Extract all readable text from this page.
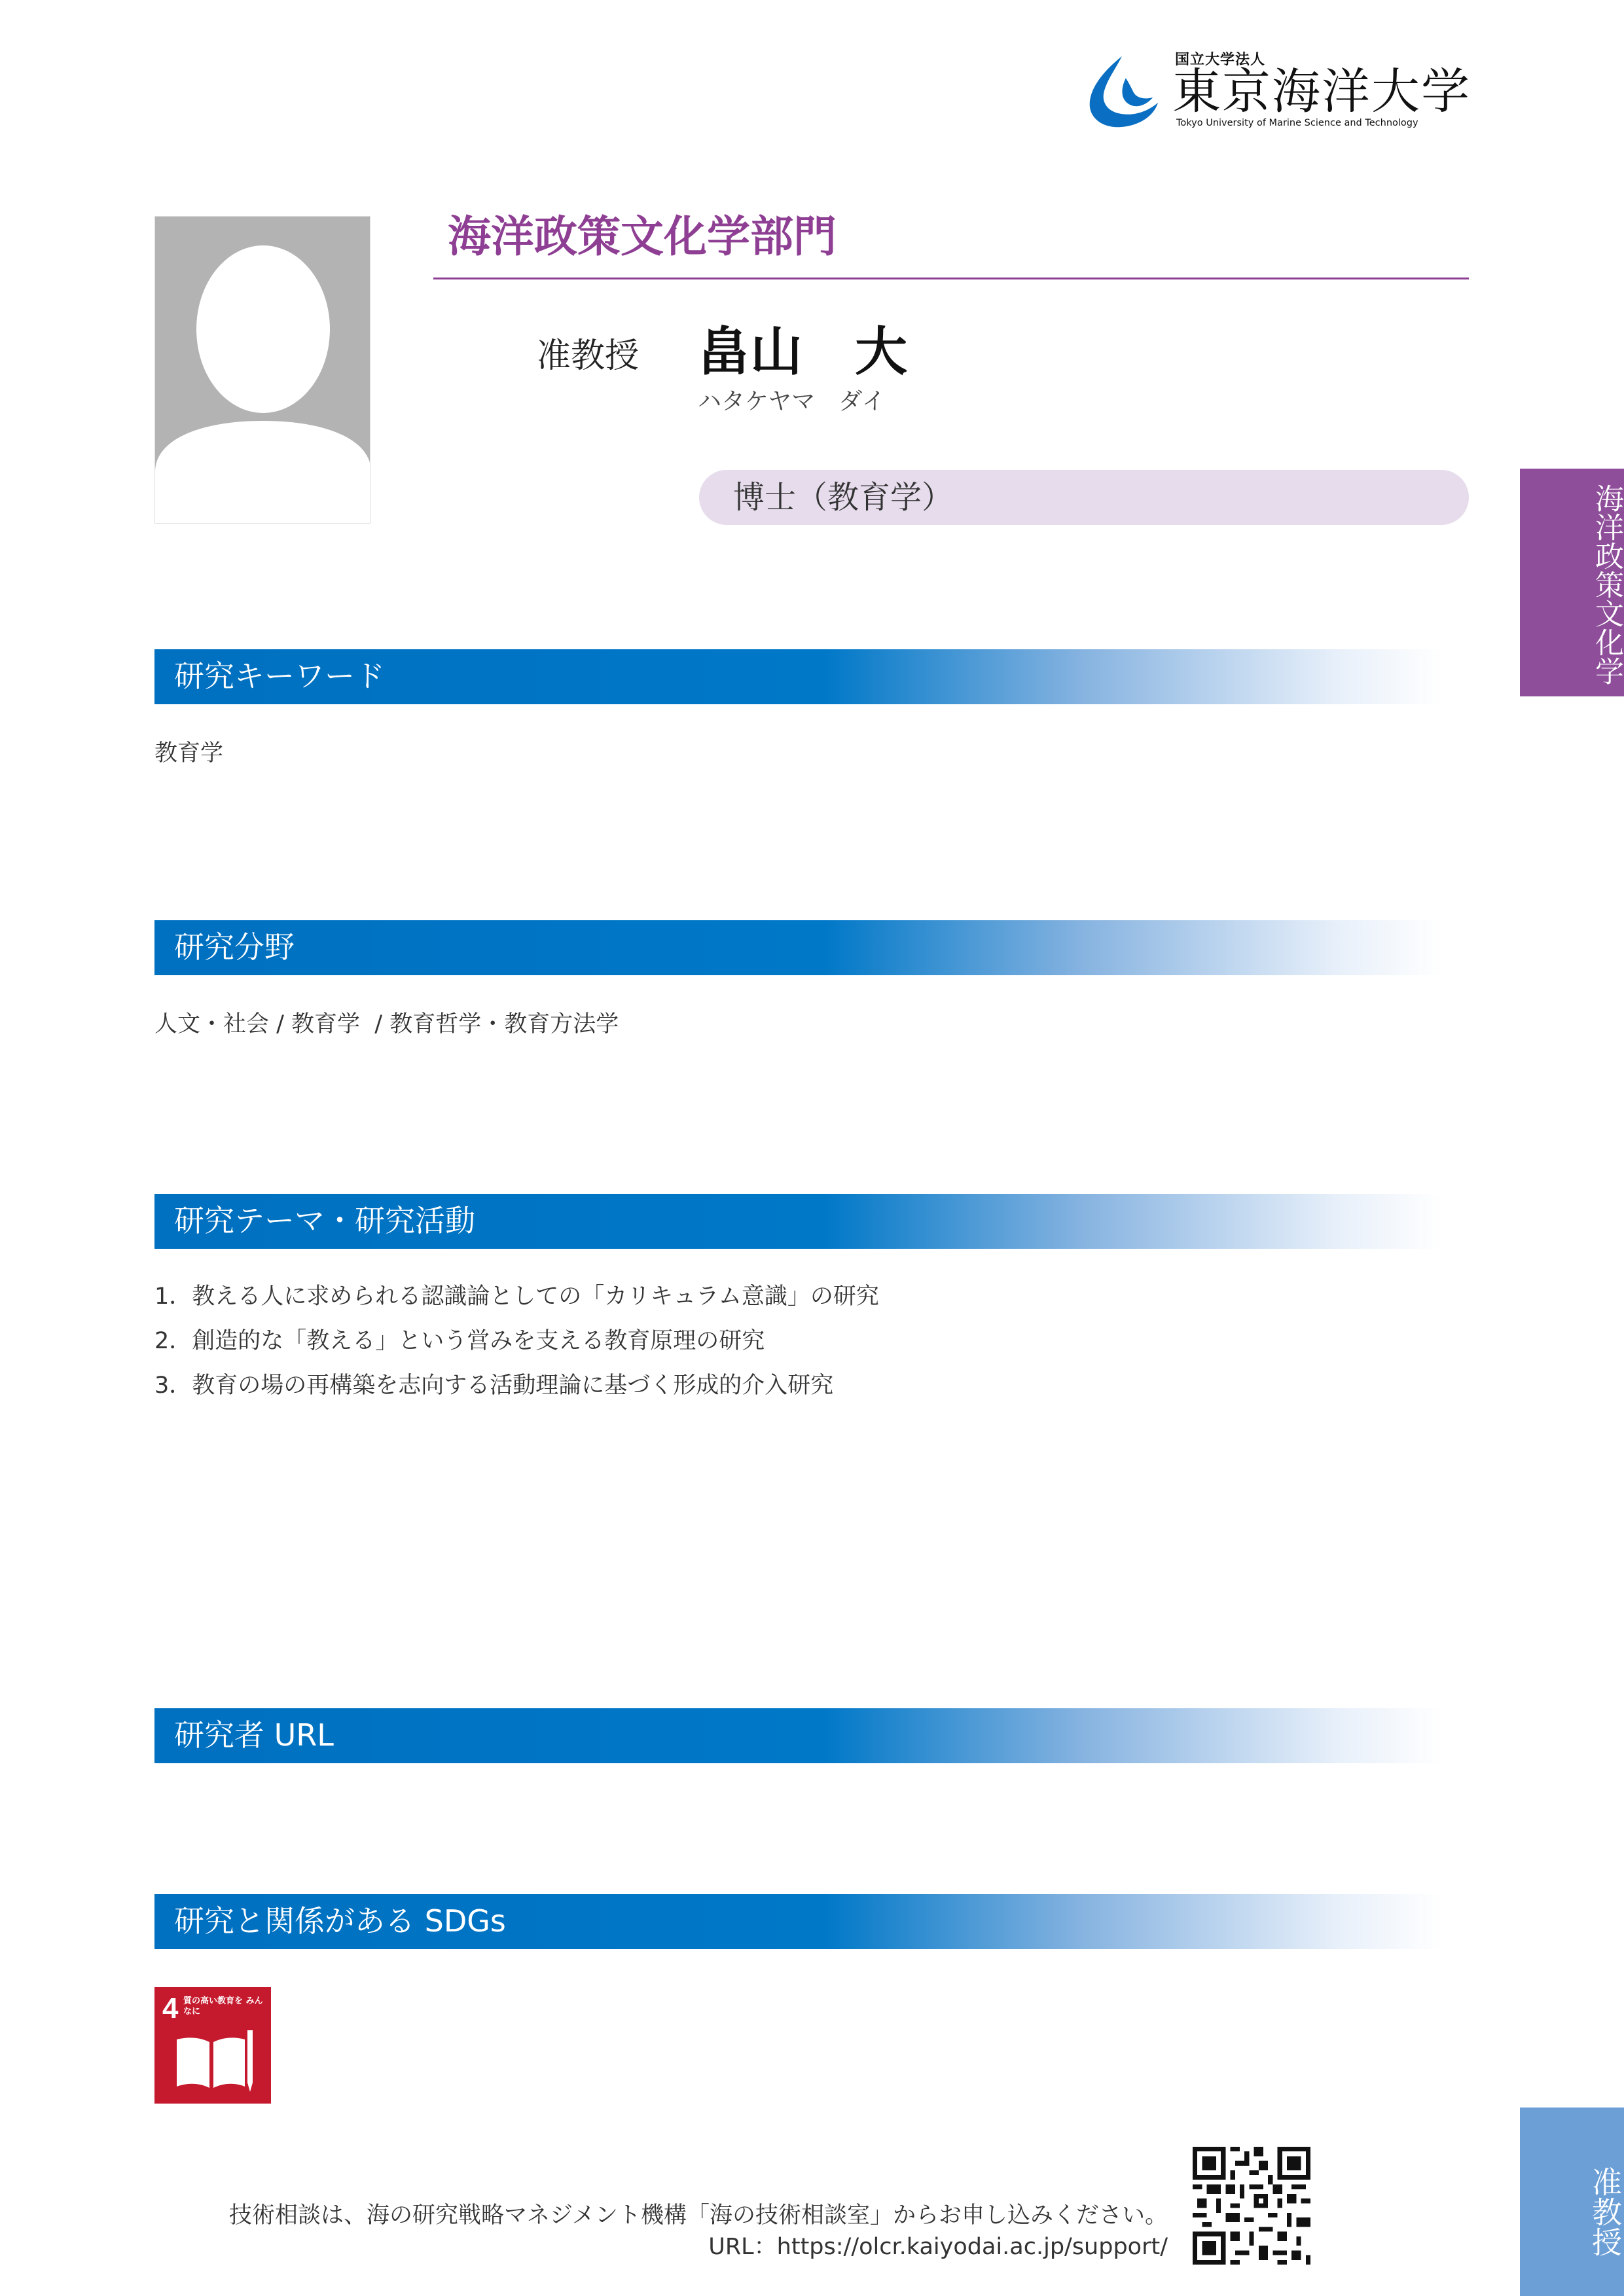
国立大学法人
東京海洋大学
Tokyo University of Marine Science and Technology
海洋政策文化学部門
准教授 畠山　大
ハタケヤマ　ダイ
博士（教育学）	海洋政策文化学
准教授
研究キーワード
教育学
研究分野
人文・社会 / 教育学  / 教育哲学・教育方法学
研究テーマ・研究活動
1．教える人に求められる認識論としての「カリキュラム意識」の研究
2．創造的な「教える」という営みを支える教育原理の研究
3．教育の場の再構築を志向する活動理論に基づく形成的介入研究
研究者 URL
研究と関係がある SDGs
4 質の高い教育を みんなに
技術相談は、海の研究戦略マネジメント機構「海の技術相談室」からお申し込みください。
URL：https://olcr.kaiyodai.ac.jp/support/
